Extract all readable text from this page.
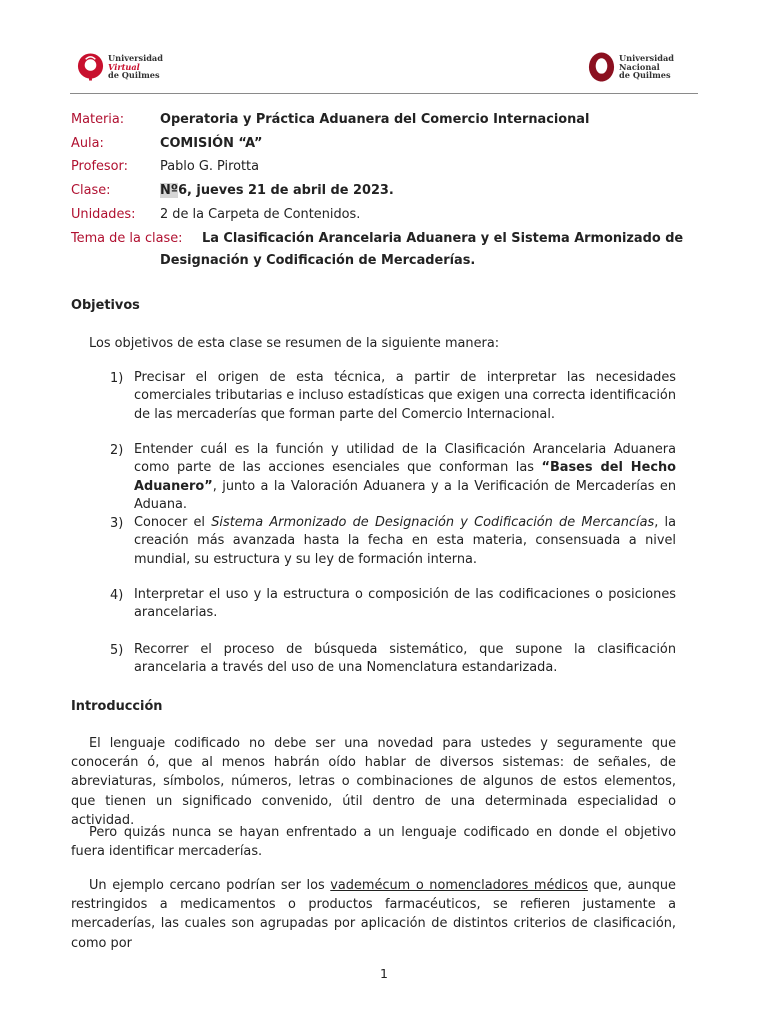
Universidad
Virtual
de Quilmes
Universidad
Nacional
de Quilmes
Materia:	Operatoria y Práctica Aduanera del Comercio Internacional
Aula:	COMISIÓN “A”
Profesor: Pablo G. Pirotta
Clase:	Nº6, jueves 21 de abril de 2023.
Unidades: 2 de la Carpeta de Contenidos.
Tema de la clase: La Clasificación Arancelaria Aduanera y el Sistema Armonizado de
Designación y Codificación de Mercaderías.
Objetivos
Los objetivos de esta clase se resumen de la siguiente manera:
1) Precisar el origen de esta técnica, a partir de interpretar las necesidades comerciales tributarias e incluso estadísticas que exigen una correcta identificación de las mercaderías que forman parte del Comercio Internacional.
2) Entender cuál es la función y utilidad de la Clasificación Arancelaria Aduanera como parte de las acciones esenciales que conforman las “Bases del Hecho Aduanero”, junto a la Valoración Aduanera y a la Verificación de Mercaderías en Aduana.
3) Conocer el Sistema Armonizado de Designación y Codificación de Mercancías, la creación más avanzada hasta la fecha en esta materia, consensuada a nivel mundial, su estructura y su ley de formación interna.
4) Interpretar el uso y la estructura o composición de las codificaciones o posiciones arancelarias.
5) Recorrer el proceso de búsqueda sistemático, que supone la clasificación arancelaria a través del uso de una Nomenclatura estandarizada.
Introducción
El lenguaje codificado no debe ser una novedad para ustedes y seguramente que conocerán ó, que al menos habrán oído hablar de diversos sistemas: de señales, de abreviaturas, símbolos, números, letras o combinaciones de algunos de estos elementos, que tienen un significado convenido, útil dentro de una determinada especialidad o actividad.
Pero quizás nunca se hayan enfrentado a un lenguaje codificado en donde el objetivo fuera identificar mercaderías.
Un ejemplo cercano podrían ser los vademécum o nomencladores médicos que, aunque restringidos a medicamentos o productos farmacéuticos, se refieren justamente a mercaderías, las cuales son agrupadas por aplicación de distintos criterios de clasificación, como por
1
